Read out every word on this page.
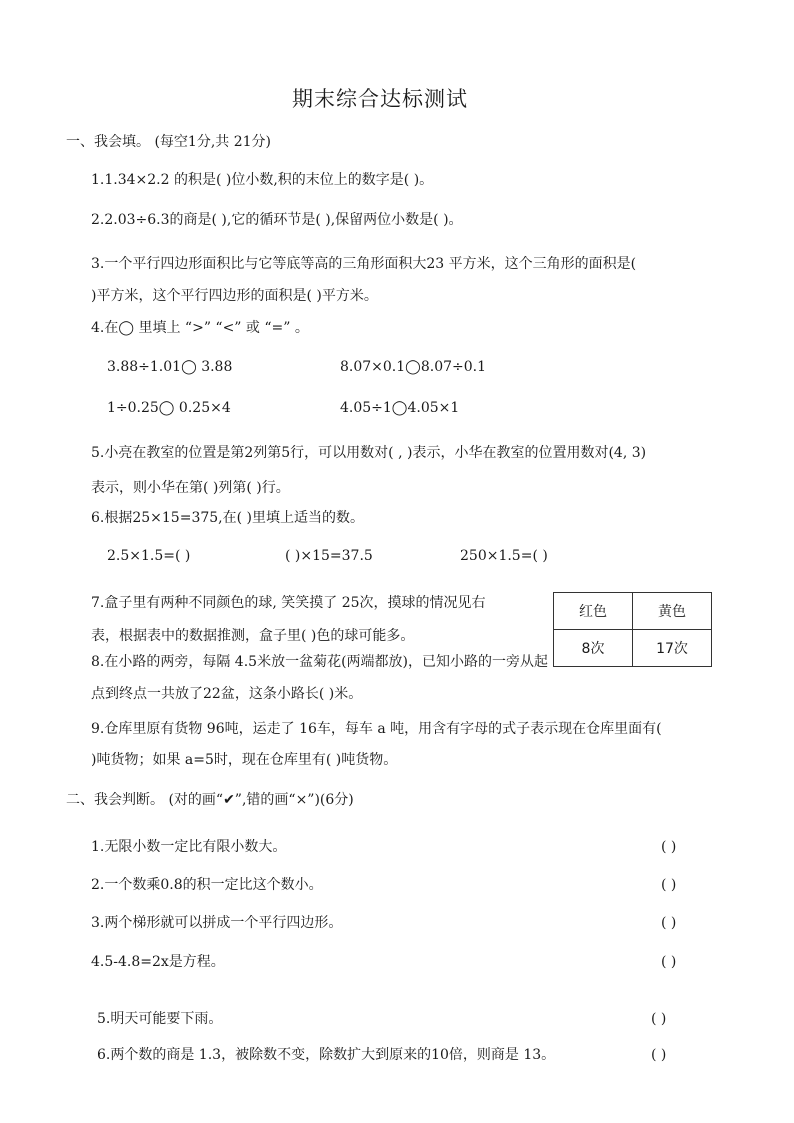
期末综合达标测试
一、我会填。 (每空1分,共 21分)
1.1.34×2.2 的积是( )位小数,积的末位上的数字是( )。
2.2.03÷6.3的商是( ),它的循环节是( ),保留两位小数是( )。
3.一个平行四边形面积比与它等底等高的三角形面积大23 平方米，这个三角形的面积是(
)平方米，这个平行四边形的面积是( )平方米。
4.在◯ 里填上 “>” “<” 或 “=” 。
3.88÷1.01◯ 3.88	8.07×0.1◯8.07÷0.1
1÷0.25◯ 0.25×4	4.05÷1◯4.05×1
5.小亮在教室的位置是第2列第5行，可以用数对( , )表示，小华在教室的位置用数对(4, 3)
表示，则小华在第( )列第( )行。
6.根据25×15=375,在( )里填上适当的数。
2.5×1.5=( )	( )×15=37.5	250×1.5=( )
7.盒子里有两种不同颜色的球, 笑笑摸了 25次，摸球的情况见右
表，根据表中的数据推测，盒子里( )色的球可能多。
红色	黄色
8次	17次
8.在小路的两旁，每隔 4.5米放一盆菊花(两端都放)，已知小路的一旁从起
点到终点一共放了22盆，这条小路长( )米。
9.仓库里原有货物 96吨，运走了 16车，每车 a 吨，用含有字母的式子表示现在仓库里面有(
)吨货物；如果 a=5时，现在仓库里有( )吨货物。
二、我会判断。 (对的画“✔”,错的画“×”)(6分)
1.无限小数一定比有限小数大。	( )
2.一个数乘0.8的积一定比这个数小。	( )
3.两个梯形就可以拼成一个平行四边形。	( )
4.5-4.8=2x是方程。	( )
5.明天可能要下雨。	( )
6.两个数的商是 1.3，被除数不变，除数扩大到原来的10倍，则商是 13。	( )
